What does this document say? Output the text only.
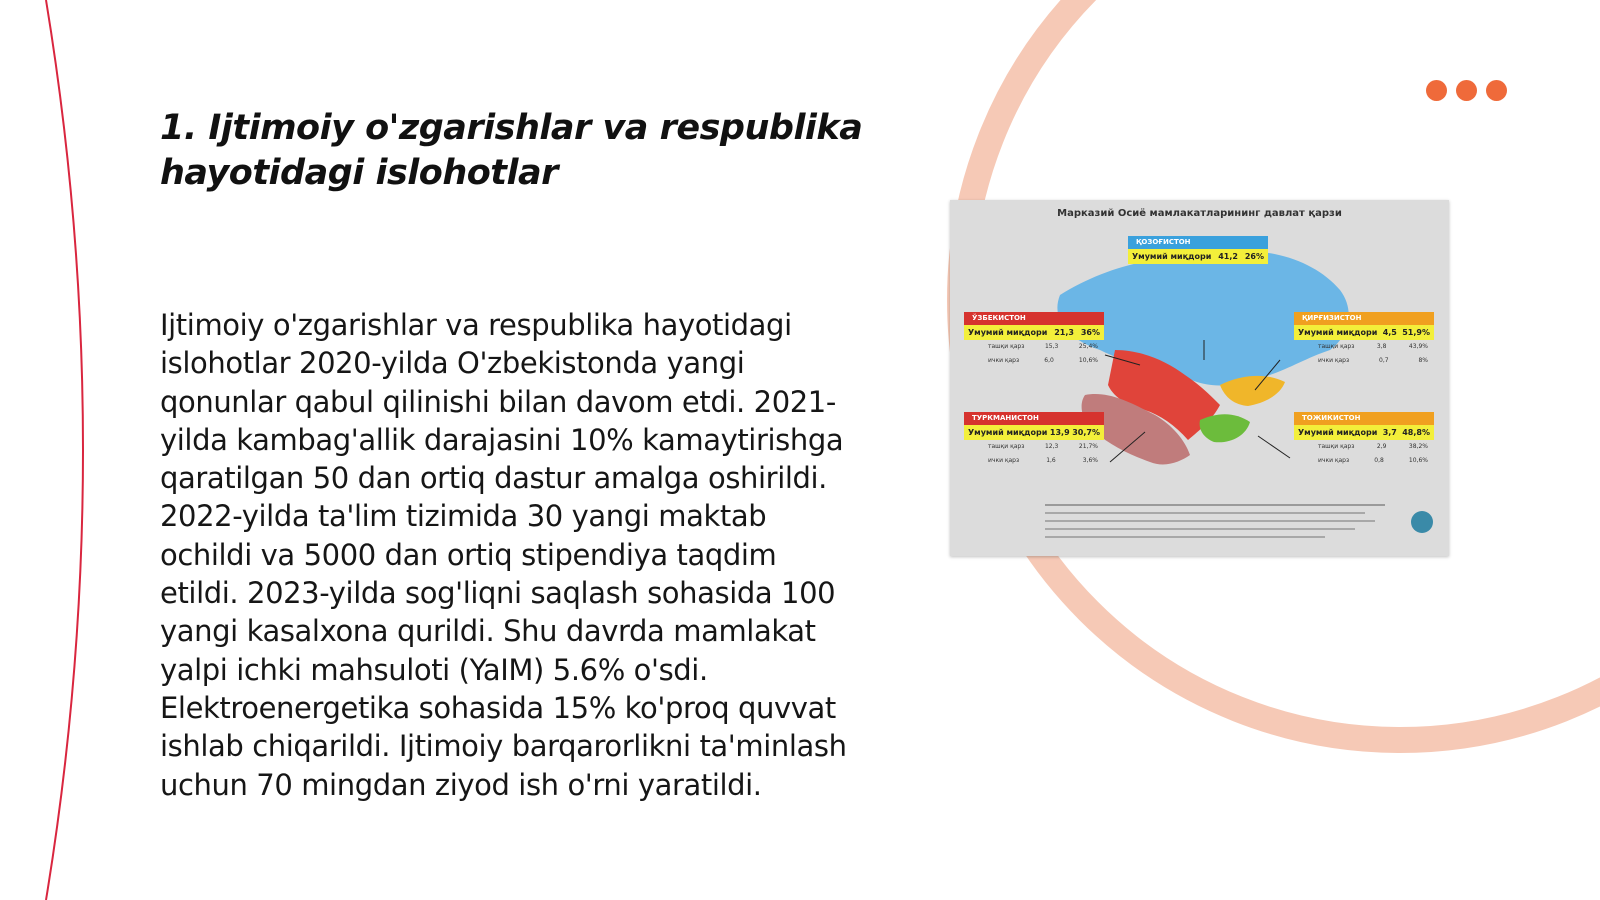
1. Ijtimoiy o'zgarishlar va respublika hayotidagi islohotlar

Ijtimoiy o'zgarishlar va respublika hayotidagi islohotlar 2020-yilda O'zbekistonda yangi qonunlar qabul qilinishi bilan davom etdi. 2021-yilda kambag'allik darajasini 10% kamaytirishga qaratilgan 50 dan ortiq dastur amalga oshirildi. 2022-yilda ta'lim tizimida 30 yangi maktab ochildi va 5000 dan ortiq stipendiya taqdim etildi. 2023-yilda sog'liqni saqlash sohasida 100 yangi kasalxona qurildi. Shu davrda mamlakat yalpi ichki mahsuloti (YaIM) 5.6% o'sdi. Elektroenergetika sohasida 15% ko'proq quvvat ishlab chiqarildi. Ijtimoiy barqarorlikni ta'minlash uchun 70 mingdan ziyod ish o'rni yaratildi.

Марказий Осиё мамлакатларининг давлат қарзи
ҚОЗОҒИСТОН
Умумий миқдори 41,2 26%
ЎЗБЕКИСТОН
Умумий миқдори 21,3 36%
ташқи қарз	15,3	25,4%
ички қарз	6,0	10,6%
ҚИРҒИЗИСТОН
Умумий миқдори 4,5 51,9%
ташқи қарз	3,8	43,9%
ички қарз	0,7	8%
ТУРКМАНИСТОН
Умумий миқдори 13,9 30,7%
ташқи қарз	12,3	21,7%
ички қарз	1,6	3,6%
ТОЖИКИСТОН
Умумий миқдори 3,7 48,8%
ташқи қарз	2,9	38,2%
ички қарз	0,8	10,6%
